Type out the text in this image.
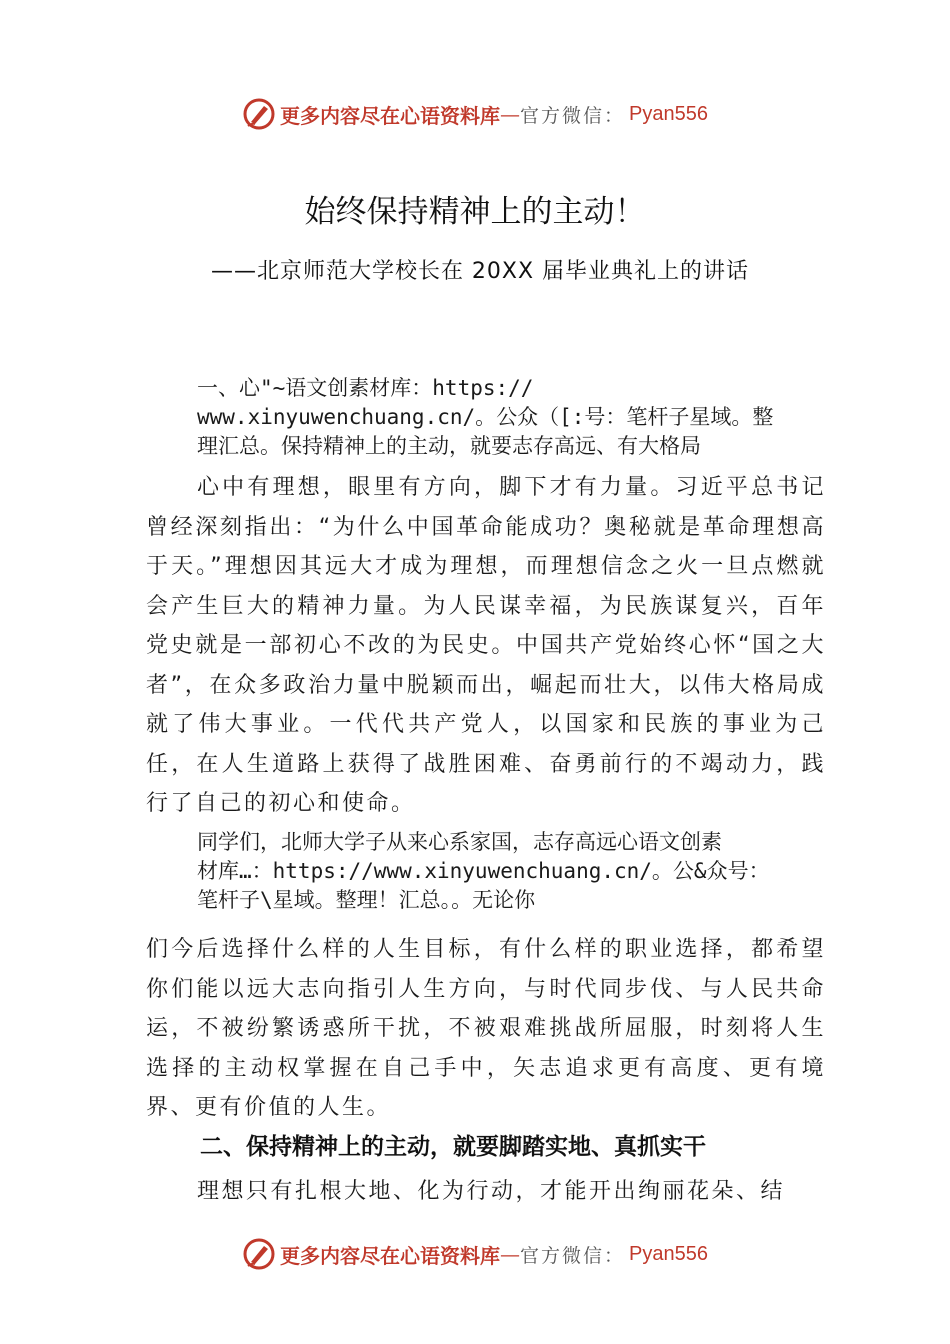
更多内容尽在心语资料库 — 官方微信： Pyan556
始终保持精神上的主动！
——北京师范大学校长在 20XX 届毕业典礼上的讲话
一、心"~语文创素材库：https://
www.xinyuwenchuang.cn/。公众（[:号：笔杆子星域。整
理汇总。保持精神上的主动，就要志存高远、有大格局
心中有理想，眼里有方向，脚下才有力量。习近平总书记曾经深刻指出：“为什么中国革命能成功？奥秘就是革命理想高于天。”理想因其远大才成为理想，而理想信念之火一旦点燃就会产生巨大的精神力量。为人民谋幸福，为民族谋复兴，百年党史就是一部初心不改的为民史。中国共产党始终心怀“国之大者”，在众多政治力量中脱颖而出，崛起而壮大，以伟大格局成就了伟大事业。一代代共产党人，以国家和民族的事业为己任，在人生道路上获得了战胜困难、奋勇前行的不竭动力，践行了自己的初心和使命。
同学们，北师大学子从来心系家国，志存高远心语文创素
材库…：https://www.xinyuwenchuang.cn/。公&众号：
笔杆子\星域。整理！汇总。。无论你
们今后选择什么样的人生目标，有什么样的职业选择，都希望你们能以远大志向指引人生方向，与时代同步伐、与人民共命运，不被纷繁诱惑所干扰，不被艰难挑战所屈服，时刻将人生选择的主动权掌握在自己手中，矢志追求更有高度、更有境界、更有价值的人生。
二、保持精神上的主动，就要脚踏实地、真抓实干
理想只有扎根大地、化为行动，才能开出绚丽花朵、结
更多内容尽在心语资料库 — 官方微信： Pyan556
